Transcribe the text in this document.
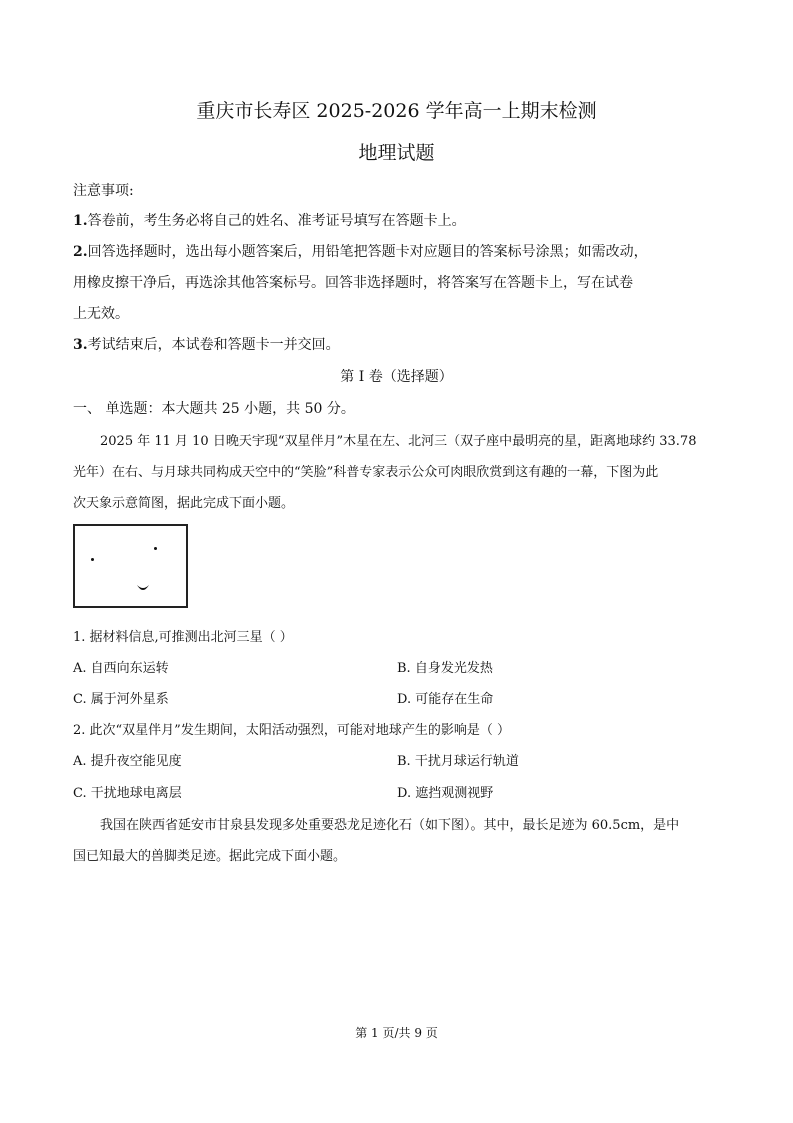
重庆市长寿区 2025-2026 学年高一上期末检测
地理试题
注意事项:
1.答卷前，考生务必将自己的姓名、准考证号填写在答题卡上。
2.回答选择题时，选出每小题答案后，用铅笔把答题卡对应题目的答案标号涂黑；如需改动，
用橡皮擦干净后，再选涂其他答案标号。回答非选择题时，将答案写在答题卡上，写在试卷
上无效。
3.考试结束后，本试卷和答题卡一并交回。
第 I 卷（选择题）
一、 单选题：本大题共 25 小题，共 50 分。
2025 年 11 月 10 日晚天宇现“双星伴月”木星在左、北河三（双子座中最明亮的星，距离地球约 33.78
光年）在右、与月球共同构成天空中的“笑脸”科普专家表示公众可肉眼欣赏到这有趣的一幕，下图为此
次天象示意简图，据此完成下面小题。
1. 据材料信息,可推测出北河三星（ ）
A. 自西向东运转	B. 自身发光发热
C. 属于河外星系	D. 可能存在生命
2. 此次“双星伴月”发生期间，太阳活动强烈，可能对地球产生的影响是（ ）
A. 提升夜空能见度	B. 干扰月球运行轨道
C. 干扰地球电离层	D. 遮挡观测视野
我国在陕西省延安市甘泉县发现多处重要恐龙足迹化石（如下图）。其中，最长足迹为 60.5cm，是中
国已知最大的兽脚类足迹。据此完成下面小题。
第 1 页/共 9 页
